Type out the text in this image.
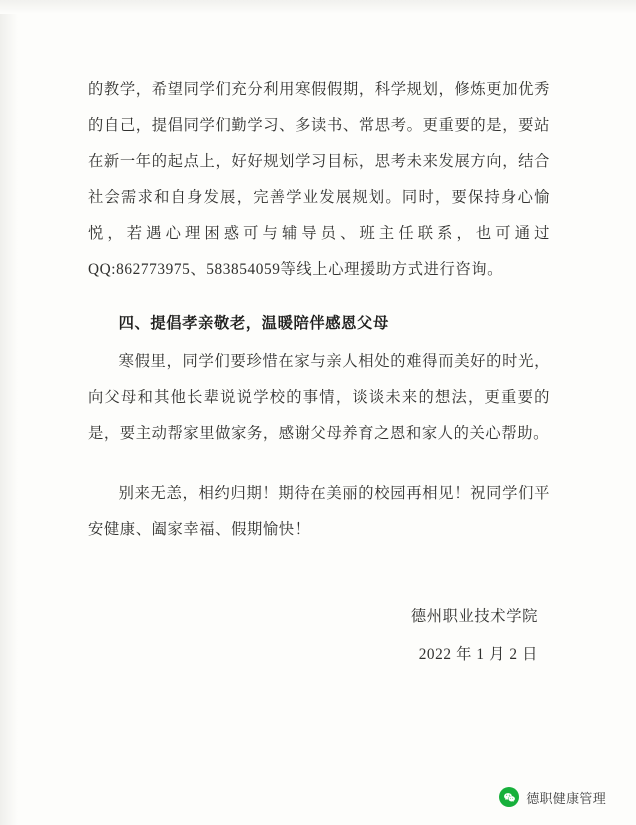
的教学，希望同学们充分利用寒假假期，科学规划，修炼更加优秀的自己，提倡同学们勤学习、多读书、常思考。更重要的是，要站在新一年的起点上，好好规划学习目标，思考未来发展方向，结合社会需求和自身发展，完善学业发展规划。同时，要保持身心愉悦，若遇心理困惑可与辅导员、班主任联系，也可通过QQ:862773975、583854059等线上心理援助方式进行咨询。

四、提倡孝亲敬老，温暖陪伴感恩父母

寒假里，同学们要珍惜在家与亲人相处的难得而美好的时光，向父母和其他长辈说说学校的事情，谈谈未来的想法，更重要的是，要主动帮家里做家务，感谢父母养育之恩和家人的关心帮助。

别来无恙，相约归期！期待在美丽的校园再相见！祝同学们平安健康、阖家幸福、假期愉快！

德州职业技术学院

2022 年 1 月 2 日

德职健康管理
